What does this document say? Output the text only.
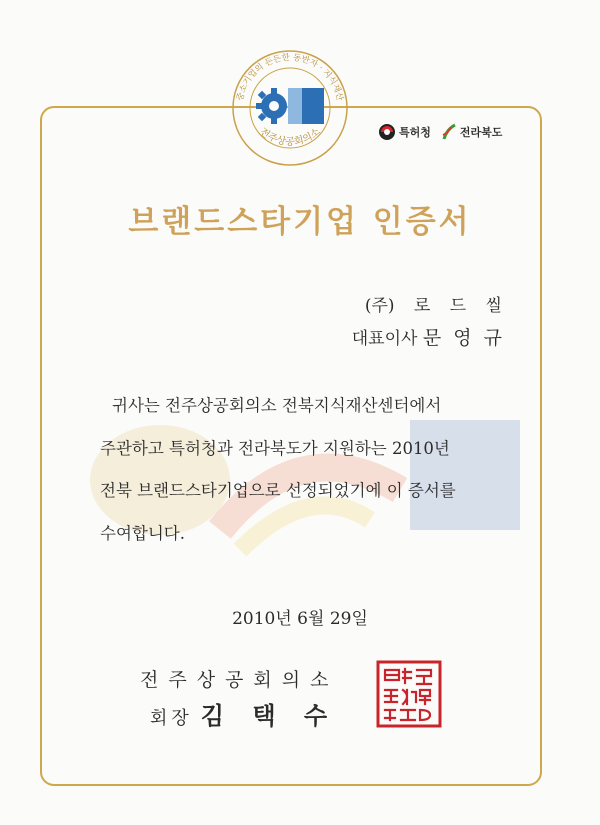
중소기업의 든든한 동반자 · 지식재산
전주상공회의소	특허청	전라북도
브랜드스타기업 인증서
(주) 로 드 씰
대표이사 문 영 규

귀사는 전주상공회의소 전북지식재산센터에서
주관하고 특허청과 전라북도가 지원하는 2010년
전북 브랜드스타기업으로 선정되었기에 이 증서를
수여합니다.

2010년 6월 29일
전주상공회의소
회장 김 택 수
